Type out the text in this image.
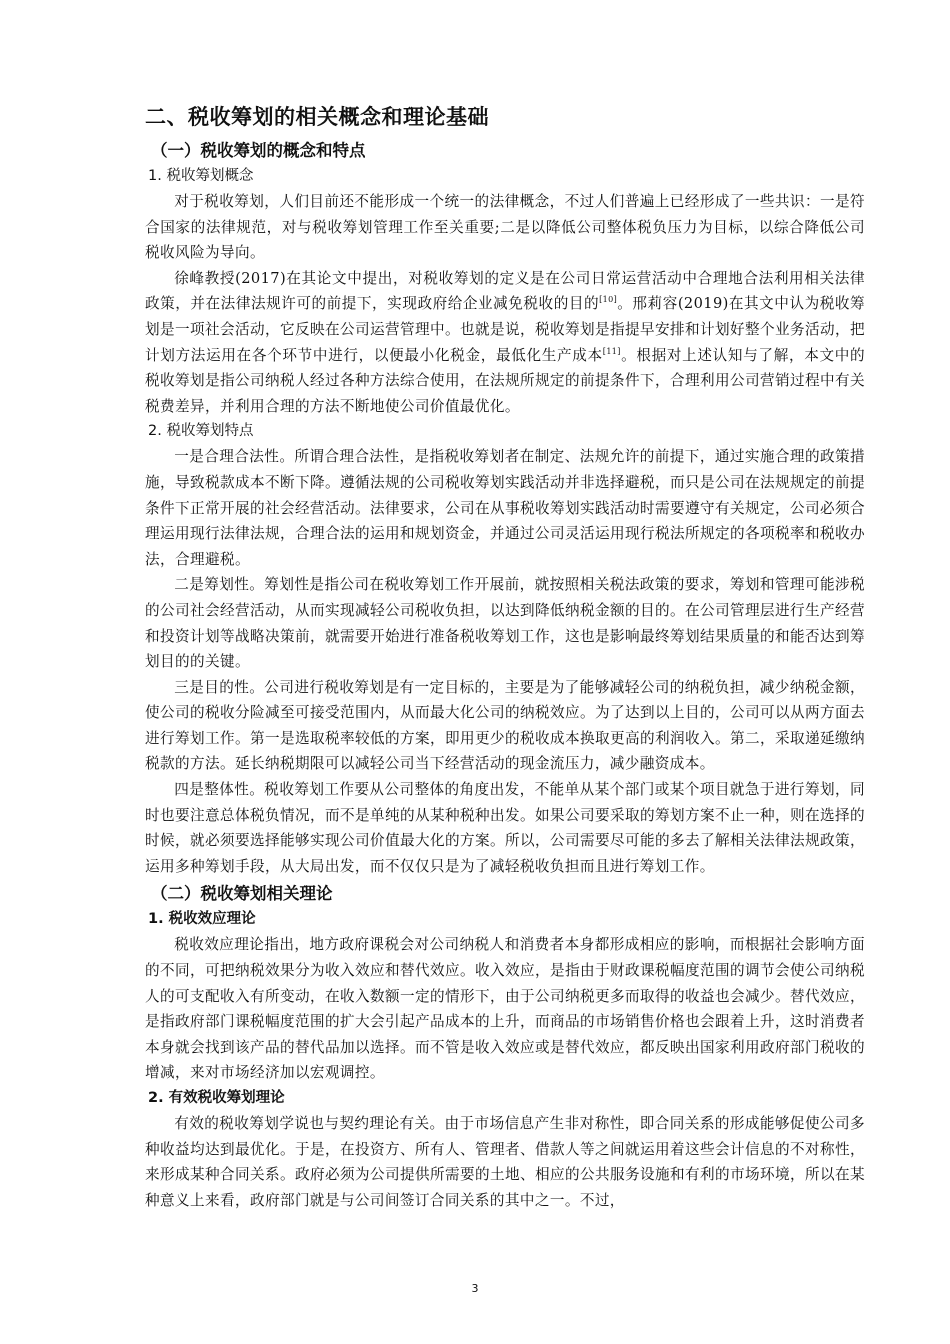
二、税收筹划的相关概念和理论基础
（一）税收筹划的概念和特点
1. 税收筹划概念

对于税收筹划，人们目前还不能形成一个统一的法律概念，不过人们普遍上已经形成了一些共识：一是符合国家的法律规范，对与税收筹划管理工作至关重要;二是以降低公司整体税负压力为目标，以综合降低公司税收风险为导向。

徐峰教授(2017)在其论文中提出，对税收筹划的定义是在公司日常运营活动中合理地合法利用相关法律政策，并在法律法规许可的前提下，实现政府给企业减免税收的目的[10]。邢莉容(2019)在其文中认为税收筹划是一项社会活动，它反映在公司运营管理中。也就是说，税收筹划是指提早安排和计划好整个业务活动，把计划方法运用在各个环节中进行，以便最小化税金，最低化生产成本[11]。根据对上述认知与了解，本文中的税收筹划是指公司纳税人经过各种方法综合使用，在法规所规定的前提条件下，合理利用公司营销过程中有关税费差异，并利用合理的方法不断地使公司价值最优化。

2. 税收筹划特点

一是合理合法性。所谓合理合法性，是指税收筹划者在制定、法规允许的前提下，通过实施合理的政策措施，导致税款成本不断下降。遵循法规的公司税收筹划实践活动并非选择避税，而只是公司在法规规定的前提条件下正常开展的社会经营活动。法律要求，公司在从事税收筹划实践活动时需要遵守有关规定，公司必须合理运用现行法律法规，合理合法的运用和规划资金，并通过公司灵活运用现行税法所规定的各项税率和税收办法，合理避税。

二是筹划性。筹划性是指公司在税收筹划工作开展前，就按照相关税法政策的要求，筹划和管理可能涉税的公司社会经营活动，从而实现减轻公司税收负担，以达到降低纳税金额的目的。在公司管理层进行生产经营和投资计划等战略决策前，就需要开始进行准备税收筹划工作，这也是影响最终筹划结果质量的和能否达到筹划目的的关键。

三是目的性。公司进行税收筹划是有一定目标的，主要是为了能够减轻公司的纳税负担，减少纳税金额，使公司的税收分险减至可接受范围内，从而最大化公司的纳税效应。为了达到以上目的，公司可以从两方面去进行筹划工作。第一是选取税率较低的方案，即用更少的税收成本换取更高的利润收入。第二，采取递延缴纳税款的方法。延长纳税期限可以减轻公司当下经营活动的现金流压力，减少融资成本。

四是整体性。税收筹划工作要从公司整体的角度出发，不能单从某个部门或某个项目就急于进行筹划，同时也要注意总体税负情况，而不是单纯的从某种税种出发。如果公司要采取的筹划方案不止一种，则在选择的时候，就必须要选择能够实现公司价值最大化的方案。所以，公司需要尽可能的多去了解相关法律法规政策，运用多种筹划手段，从大局出发，而不仅仅只是为了减轻税收负担而且进行筹划工作。

（二）税收筹划相关理论
1. 税收效应理论

税收效应理论指出，地方政府课税会对公司纳税人和消费者本身都形成相应的影响，而根据社会影响方面的不同，可把纳税效果分为收入效应和替代效应。收入效应，是指由于财政课税幅度范围的调节会使公司纳税人的可支配收入有所变动，在收入数额一定的情形下，由于公司纳税更多而取得的收益也会减少。替代效应，是指政府部门课税幅度范围的扩大会引起产品成本的上升，而商品的市场销售价格也会跟着上升，这时消费者本身就会找到该产品的替代品加以选择。而不管是收入效应或是替代效应，都反映出国家利用政府部门税收的增减，来对市场经济加以宏观调控。

2. 有效税收筹划理论

有效的税收筹划学说也与契约理论有关。由于市场信息产生非对称性，即合同关系的形成能够促使公司多种收益均达到最优化。于是，在投资方、所有人、管理者、借款人等之间就运用着这些会计信息的不对称性，来形成某种合同关系。政府必须为公司提供所需要的土地、相应的公共服务设施和有利的市场环境，所以在某种意义上来看，政府部门就是与公司间签订合同关系的其中之一。不过，

3
